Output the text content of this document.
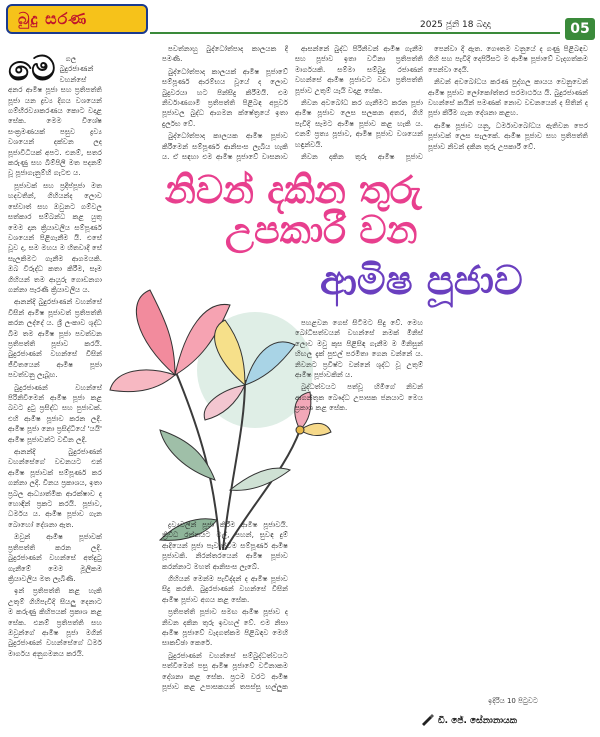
බුදු සරණ	2025 ජූනි 18 බදාදා	05
මෙ	ගල බුදුරජාණන් වහන්සේ අනර ආමිෂ පූජා සහ ප්‍රතිපත්ති පූජා යන ද්‍රව්‍ය දිගය වශයෙන් ගම්භීරව්‍යාකරණය කොට වදාළ සේක. මෙම විශේෂ සංක්‍රමණයක් පසුව ද්‍රව්‍ය වශයෙන් දක්වන ලද පූජාවිධියක් අපට. එනම්, සතර කරුණු සහ බිම්පිලි මත පදනම් වූ පූජාගැනුම්හි ගැටළු ය.

පූජාවක් සහ ප්‍රදීප්පූජා මත හදවතින්, ගිහියන්ද ලොව සේවාත් සහ ඔවුනට ගම්වල සත්කාර සම්බන්ධ කළ යුතු මෙම දාන ක්‍රියාවලිය සම්පූර්ණ වශයෙන් පිළිගැනීම යි. එසේ වූව ද, සම මහය ම හිතවාදී සේ සැලකිමට ගැනීම ආගමයකි. ඔබ විරුද්ධ කතා කිරීම, සෑම ගිහියන් තම ආයුරු ගොඩනගා ගන්නා පැරණි ක්‍රියාවලිය ය.

ආනන්දි බුදුරජාණන් වහන්සේ විසින් ආමිෂ පූජාවත් ප්‍රතිපත්ති කරන ලද්දේ ය. ශ්‍රී ලංකාව ශුද්ධ බිම තම ආමිෂ පූජා පවත්වන ප්‍රතිපත්ති පූජාව කරයි. බුදුරජාණන් වහන්සේ විසින් ජීවිතයෙන් ආමිෂ පූජා පවත්වනු ලැබූහ.

බුදුරජාණන් වහන්සේ පිරිනිවීමෙන් ආමිෂ පූජා කළ බවට දුටු ප්‍රසිද්ධ සහ පුජාවක්. එහි ආමිෂ පූජාව කරන ලදී. ආමිෂ පූජා නො ප්‍රසිද්ධියේ 'යයි' ආමිෂ පූජාවන්ට වඩින ලදී.

ආනන්දි බුදුරජාණන් වහන්සේගේ වචනයට එන් ආමිෂ පූජාවක් සම්පූර්ණ කර ගන්නා ලදී. විනය ප්‍රකාශය, ඉතා ප්‍රබල ආධ්‍යාත්මික ආරක්ෂාව ද හොඳින් ප්‍රකට කරයි. පූජාව, ධර්මය ය. ආමිෂ පූජාව ගැන බොහෝ දේශනා ඇත.

ඔවුන් ආමිෂ පූජාවක් ප්‍රතිපත්ති කරන ලදි. බුදුරජාණන් වහන්සේ අත්දුටු ගැනීමේ මෙම මූලිකම ක්‍රියාවලිය මත ලැබිණි.

ඉන් ප්‍රතිපත්ති කළ හැකි උතුම් ගිහිපැවිදි සියලු දෙනාට ම කරුණු කිහිපයක් ප්‍රකාශ කළ සේක. එනම් ප්‍රතිපත්ති සහ ඔවුන්ගේ ආමිෂ පූජා මගින් බුදුරජාණන් වහන්සේගේ ධර්ම මාර්ගය අනුගමනය කරයි.

පවත්නාහු බුද්ධෝත්පාද කාලයක දී පමණි.

බුද්ධෝත්පාද කාලයක් ආමිෂ පූජාවේ සම්පූර්ණ ආරම්භය වූයේ ද ලොව බුදුවරයා හට පින්සිදු කිරීමයි. එම නිර්වාණගාමී ප්‍රතිපත්ති පිළිබඳ අපූර්ව පූජාවල බුද්ධ ආගමන ක්ෂේත්‍රයේ ඉතා දුර්ලභ වේ.

බුද්ධෝත්පාද කාලයක ආමිෂ පූජාව කිරීමෙන් සම්පූර්ණ ආනිසංස ලැබිය හැකි ය. ඒ සඳහා එම ආමිෂ පූජාවේ වාසනාව

ආසන්නේ බුද්ධ පිරිනිවන් ආමිෂ ගැනීම සහ පූජාව ඉතා වටිනා ප්‍රතිපත්ති මාර්ගයකි. සම්මා සම්බුදු රජාණන් වහන්සේ ආමිෂ පූජාවට වඩා ප්‍රතිපත්ති පූජාව උතුම් යැයි වදාළ සේක.

නිවන අවබෝධ කර ගැනීමට කරන පූජා ආමිෂ පූජාව ලෙස සලකන අතර, ගිහි පැවිදි සැමට ආමිෂ පූජාව කළ හැකි ය. එනම් ප්‍රත්‍ය පූජාව, ආමිෂ පූජාව වශයෙන් හඳුන්වයි.

නිවන දකින තුරු ආමිෂ පූජාව

පෙන්වා දී ඇත. ගෞතම වනුයේ ද ගණු පිළිබඳව ගිහි සහ පැවිදි දෙපිරිසට ම ආමිෂ පූජාවේ වැදගත්කම පෙන්වා දෙයි.

නිවන් අවබෝධය කරණ පුද්ගල කායය වෙනුවෙන් ආමිෂ පූජාව ලෝකෝත්තර පරමාර්ථය යි. බුදුරජාණන් වහන්සේ කයින් පමණක් නොව වචනයෙන් ද සිතින් ද පූජා කිරීම ගැන දේශනා කළහ.

ආමිෂ පූජාව යනු, ධර්මාවබෝධය ඇතිවන පෙර පූජාවක් ලෙස සැලකේ. ආමිෂ පූජාව සහ ප්‍රතිපත්ති පූජාව නිවන් දකින තුරු උපකාරී වේ.

නිවන් දකින තුරු
උපකාරී වන
ආමිෂ පූජාව

ද්‍රව්‍යවලින් පූජා කිරීම ආමිෂ පූජාවයි. ත්‍රිවිධ රත්නයට මල්, පහන්, සුවඳ දුම් ආදියෙන් පූජා පැවැත්වීම සම්පූර්ණ ආමිෂ පූජාවකි. නිරන්තරයෙන් ආමිෂ පූජාව කරන්නාට මහත් ආනිසංස ලැබේ.

ගිහියන් මෙන්ම පැවිද්දන් ද ආමිෂ පූජාව සිදු කරති. බුදුරජාණන් වහන්සේ විසින් ආමිෂ පූජාව අගය කළ සේක.

ප්‍රතිපත්ති පූජාව සමඟ ආමිෂ පූජාව ද නිවන දකින තුරු ඉවහල් වේ. එම නිසා ආමිෂ පූජාවේ වැදගත්කම පිළිබඳව මෙහි සාකච්ඡා කෙරේ.

බුදුරජාණන් වහන්සේ සම්බුද්ධත්වයට පත්වීමෙන් පසු ආමිෂ පූජාවේ වටිනාකම දේශනා කළ සේක. ප්‍රථම වරට ආමිෂ පූජාව කළ උපාසකයන් තපස්සු භල්ලුක

පහළවන ගෙස් සිටිමට සිදු වේ. මෙහ බෝධිසත්වයන් වහන්සේ නමක් මිනිස් ලොව මවු කුස පිළිසිඳ ගැනීම ම මිනිසුන් හිඟල දැක් පුළුල් පරමිතා ගෙන වන්නේ ය. නිවනට ප්‍රවිෂ්ට වන්නේ ශුද්ධ වූ උතුම් ආමිෂ පූජාවකින් ය.

බුද්ධත්වයට පත්වූ හිමිගේ නිවන් ආගන්තුක බෞද්ධ උපාසක ජනයාට මෙය ප්‍රකාශ කළ සේක.

ඉදිරිය 10 පිටුවට
ඩී. ජේ. සේනානායක
